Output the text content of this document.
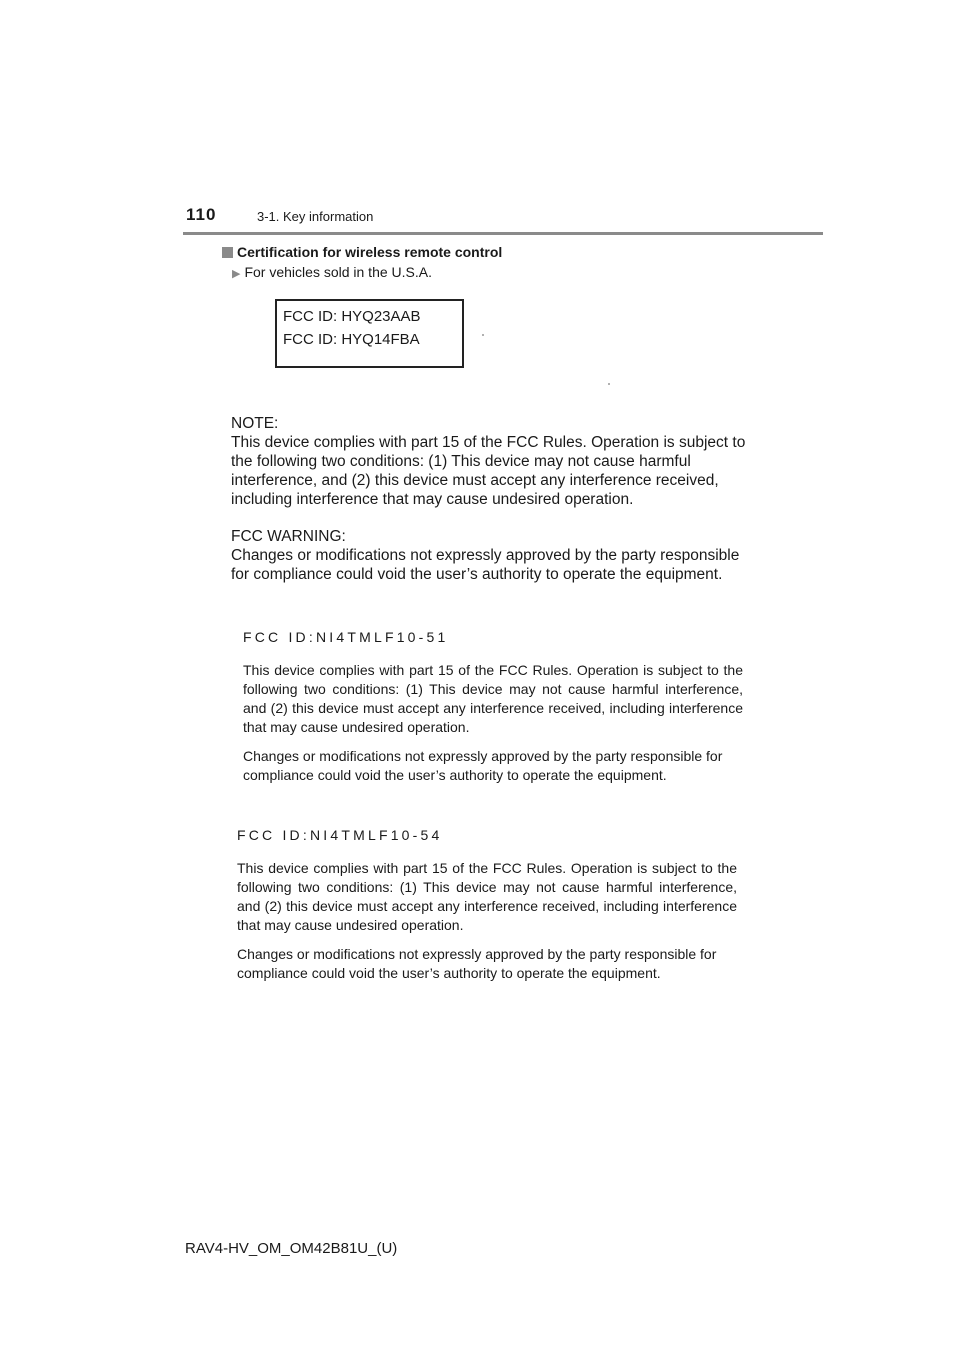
110	3-1. Key information
Certification for wireless remote control
▶ For vehicles sold in the U.S.A.
FCC ID: HYQ23AAB
FCC ID: HYQ14FBA

NOTE:

This device complies with part 15 of the FCC Rules. Operation is subject to the following two conditions: (1) This device may not cause harmful interference, and (2) this device must accept any interference received, including interference that may cause undesired operation.

FCC WARNING:

Changes or modifications not expressly approved by the party responsible for compliance could void the user’s authority to operate the equipment.

FCC ID:NI4TMLF10-51

This device complies with part 15 of the FCC Rules. Operation is subject to the following two conditions: (1) This device may not cause harmful interference, and (2) this device must accept any interference received, including interference that may cause undesired operation.

Changes or modifications not expressly approved by the party responsible for compliance could void the user’s authority to operate the equipment.

FCC ID:NI4TMLF10-54

This device complies with part 15 of the FCC Rules. Operation is subject to the following two conditions: (1) This device may not cause harmful interference, and (2) this device must accept any interference received, including interference that may cause undesired operation.

Changes or modifications not expressly approved by the party responsible for compliance could void the user’s authority to operate the equipment.

RAV4-HV_OM_OM42B81U_(U)
